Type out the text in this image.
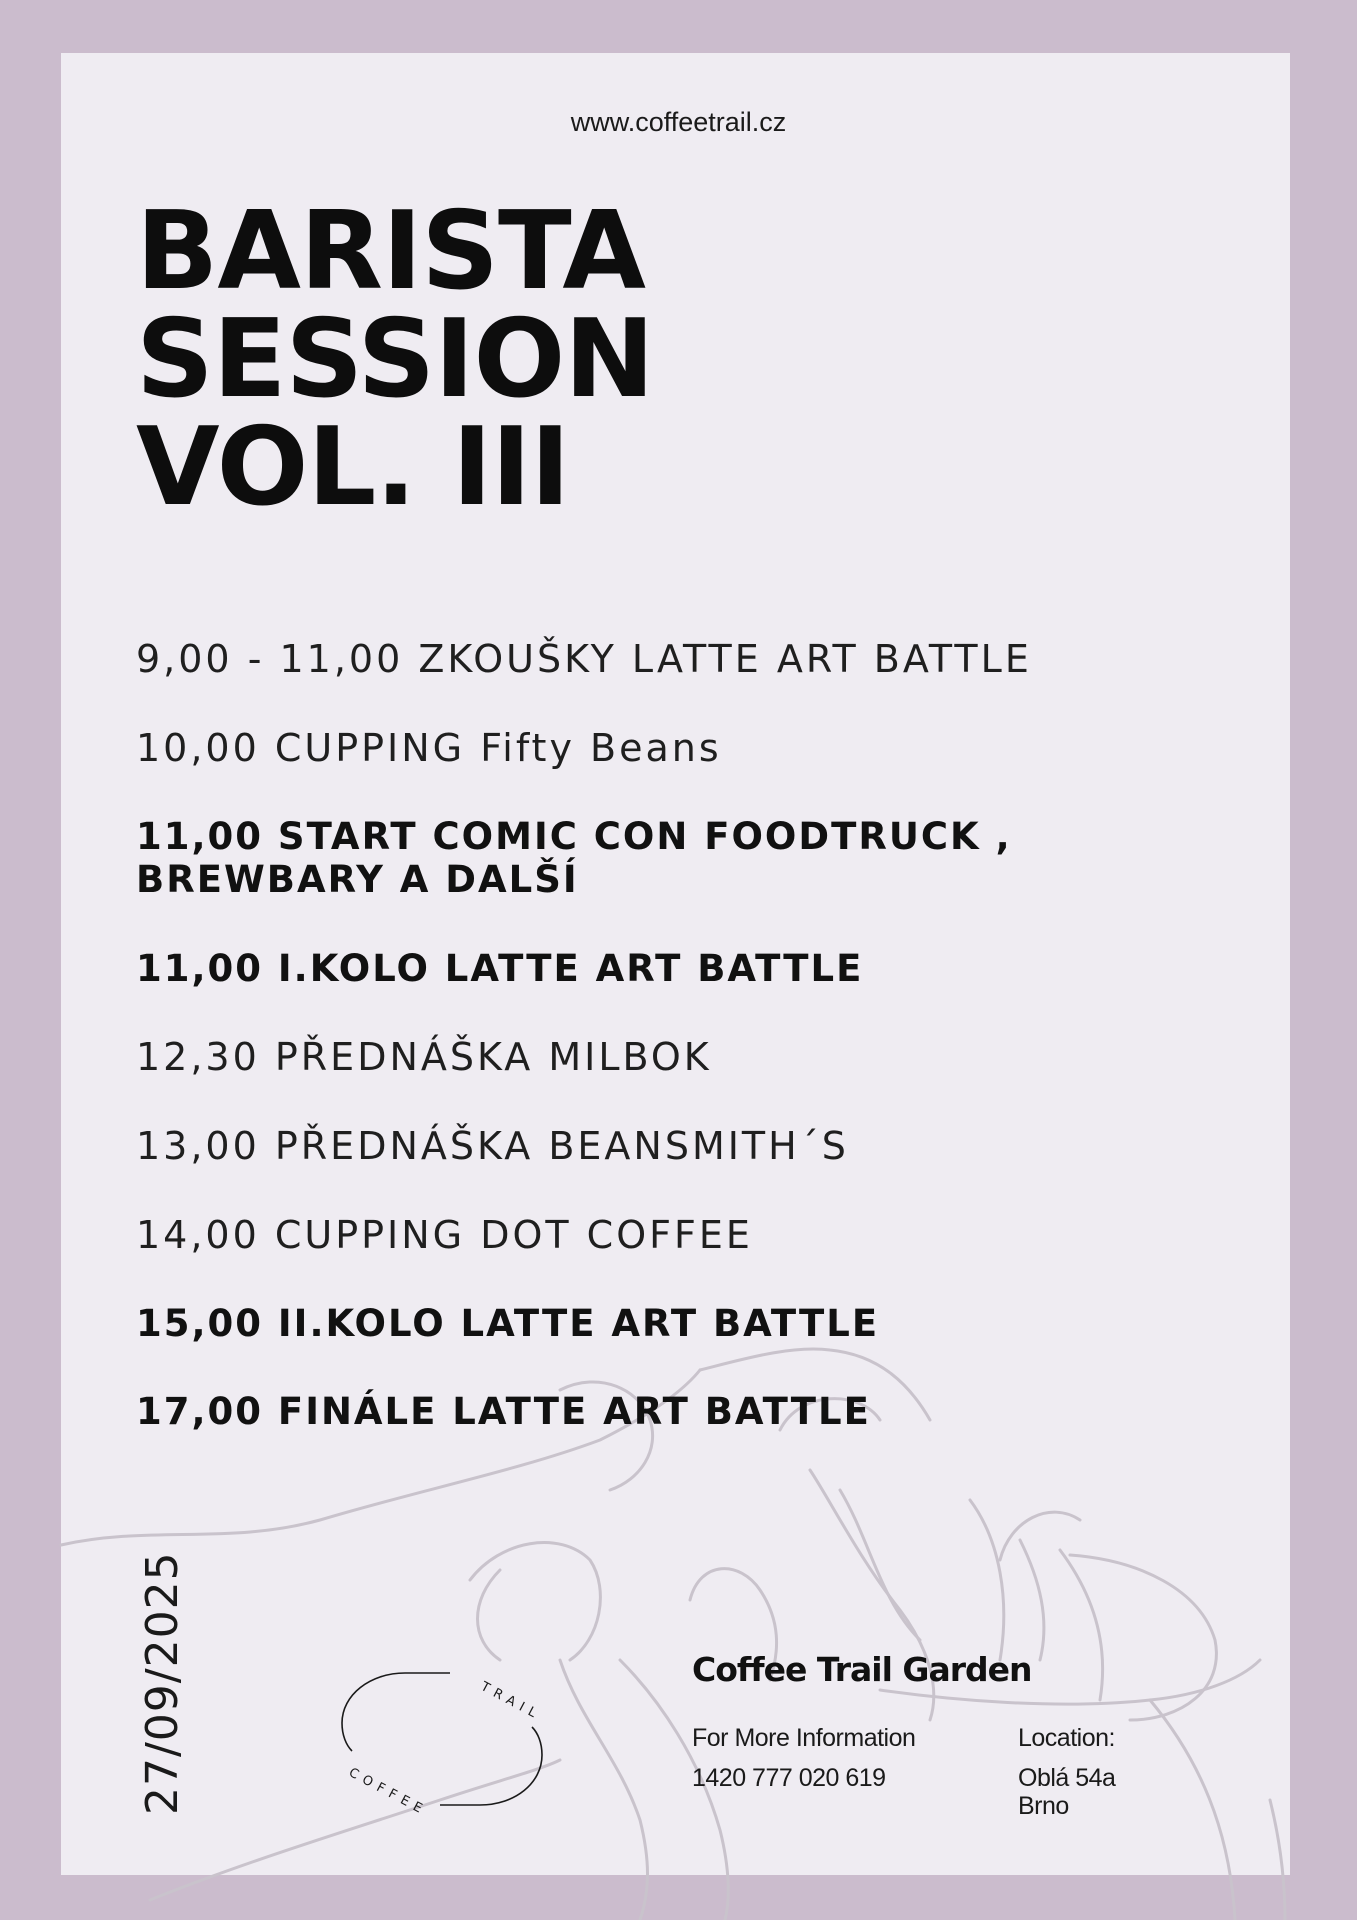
www.coffeetrail.cz
BARISTA
SESSION
VOL. III
9,00 - 11,00 ZKOUŠKY LATTE ART BATTLE
10,00 CUPPING Fifty Beans
11,00 START COMIC CON FOODTRUCK ,
BREWBARY A DALŠÍ
11,00 I.KOLO LATTE ART BATTLE
12,30 PŘEDNÁŠKA MILBOK
13,00 PŘEDNÁŠKA BEANSMITH´S
14,00 CUPPING DOT COFFEE
15,00 II.KOLO LATTE ART BATTLE
17,00 FINÁLE LATTE ART BATTLE
27/09/2025	TRAIL
COFFEE
Coffee Trail Garden
For More Information
1420 777 020 619
Location:
Oblá 54a
Brno
